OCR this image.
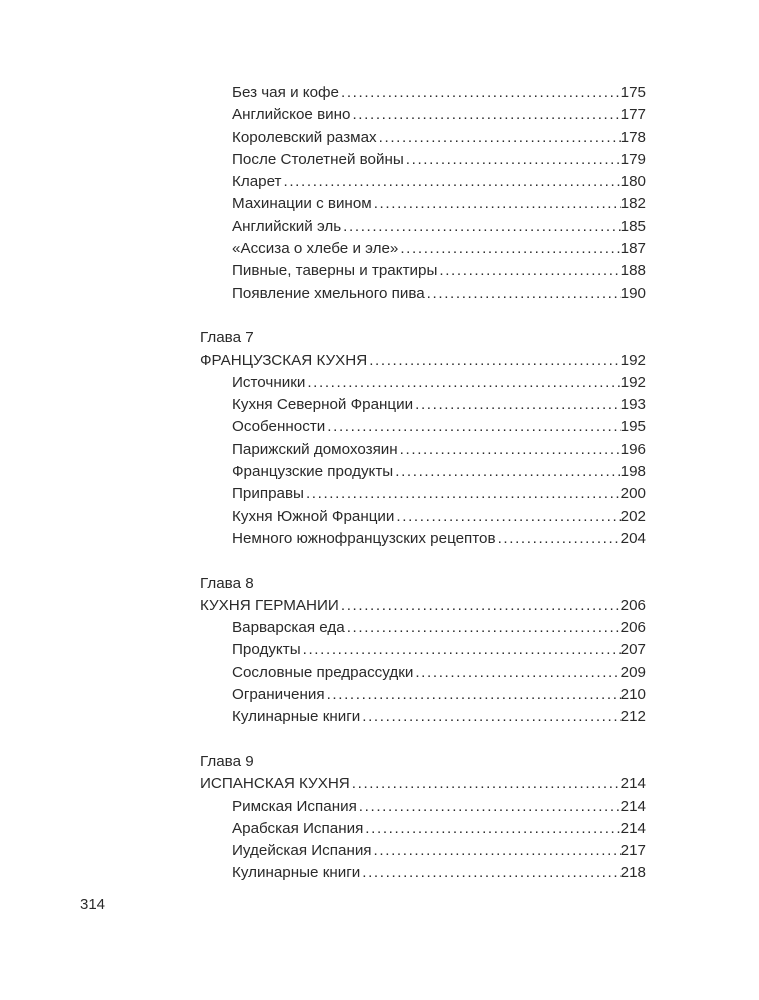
Без чая и кофе . . .	175
Английское вино . . .	177
Королевский размах . . .	178
После Столетней войны . . .	179
Кларет . . .	180
Махинации с вином . . .	182
Английский эль . . .	185
«Ассиза о хлебе и эле» . . .	187
Пивные, таверны и трактиры . . .	188
Появление хмельного пива . . .	190
Глава 7
ФРАНЦУЗСКАЯ КУХНЯ . . .	192
Источники . . .	192
Кухня Северной Франции . . .	193
Особенности . . .	195
Парижский домохозяин . . .	196
Французские продукты . . .	198
Приправы . . .	200
Кухня Южной Франции . . .	202
Немного южнофранцузских рецептов . . .	204
Глава 8
КУХНЯ ГЕРМАНИИ . . .	206
Варварская еда . . .	206
Продукты . . .	207
Сословные предрассудки . . .	209
Ограничения . . .	210
Кулинарные книги . . .	212
Глава 9
ИСПАНСКАЯ КУХНЯ . . .	214
Римская Испания . . .	214
Арабская Испания . . .	214
Иудейская Испания . . .	217
Кулинарные книги . . .	218
314
